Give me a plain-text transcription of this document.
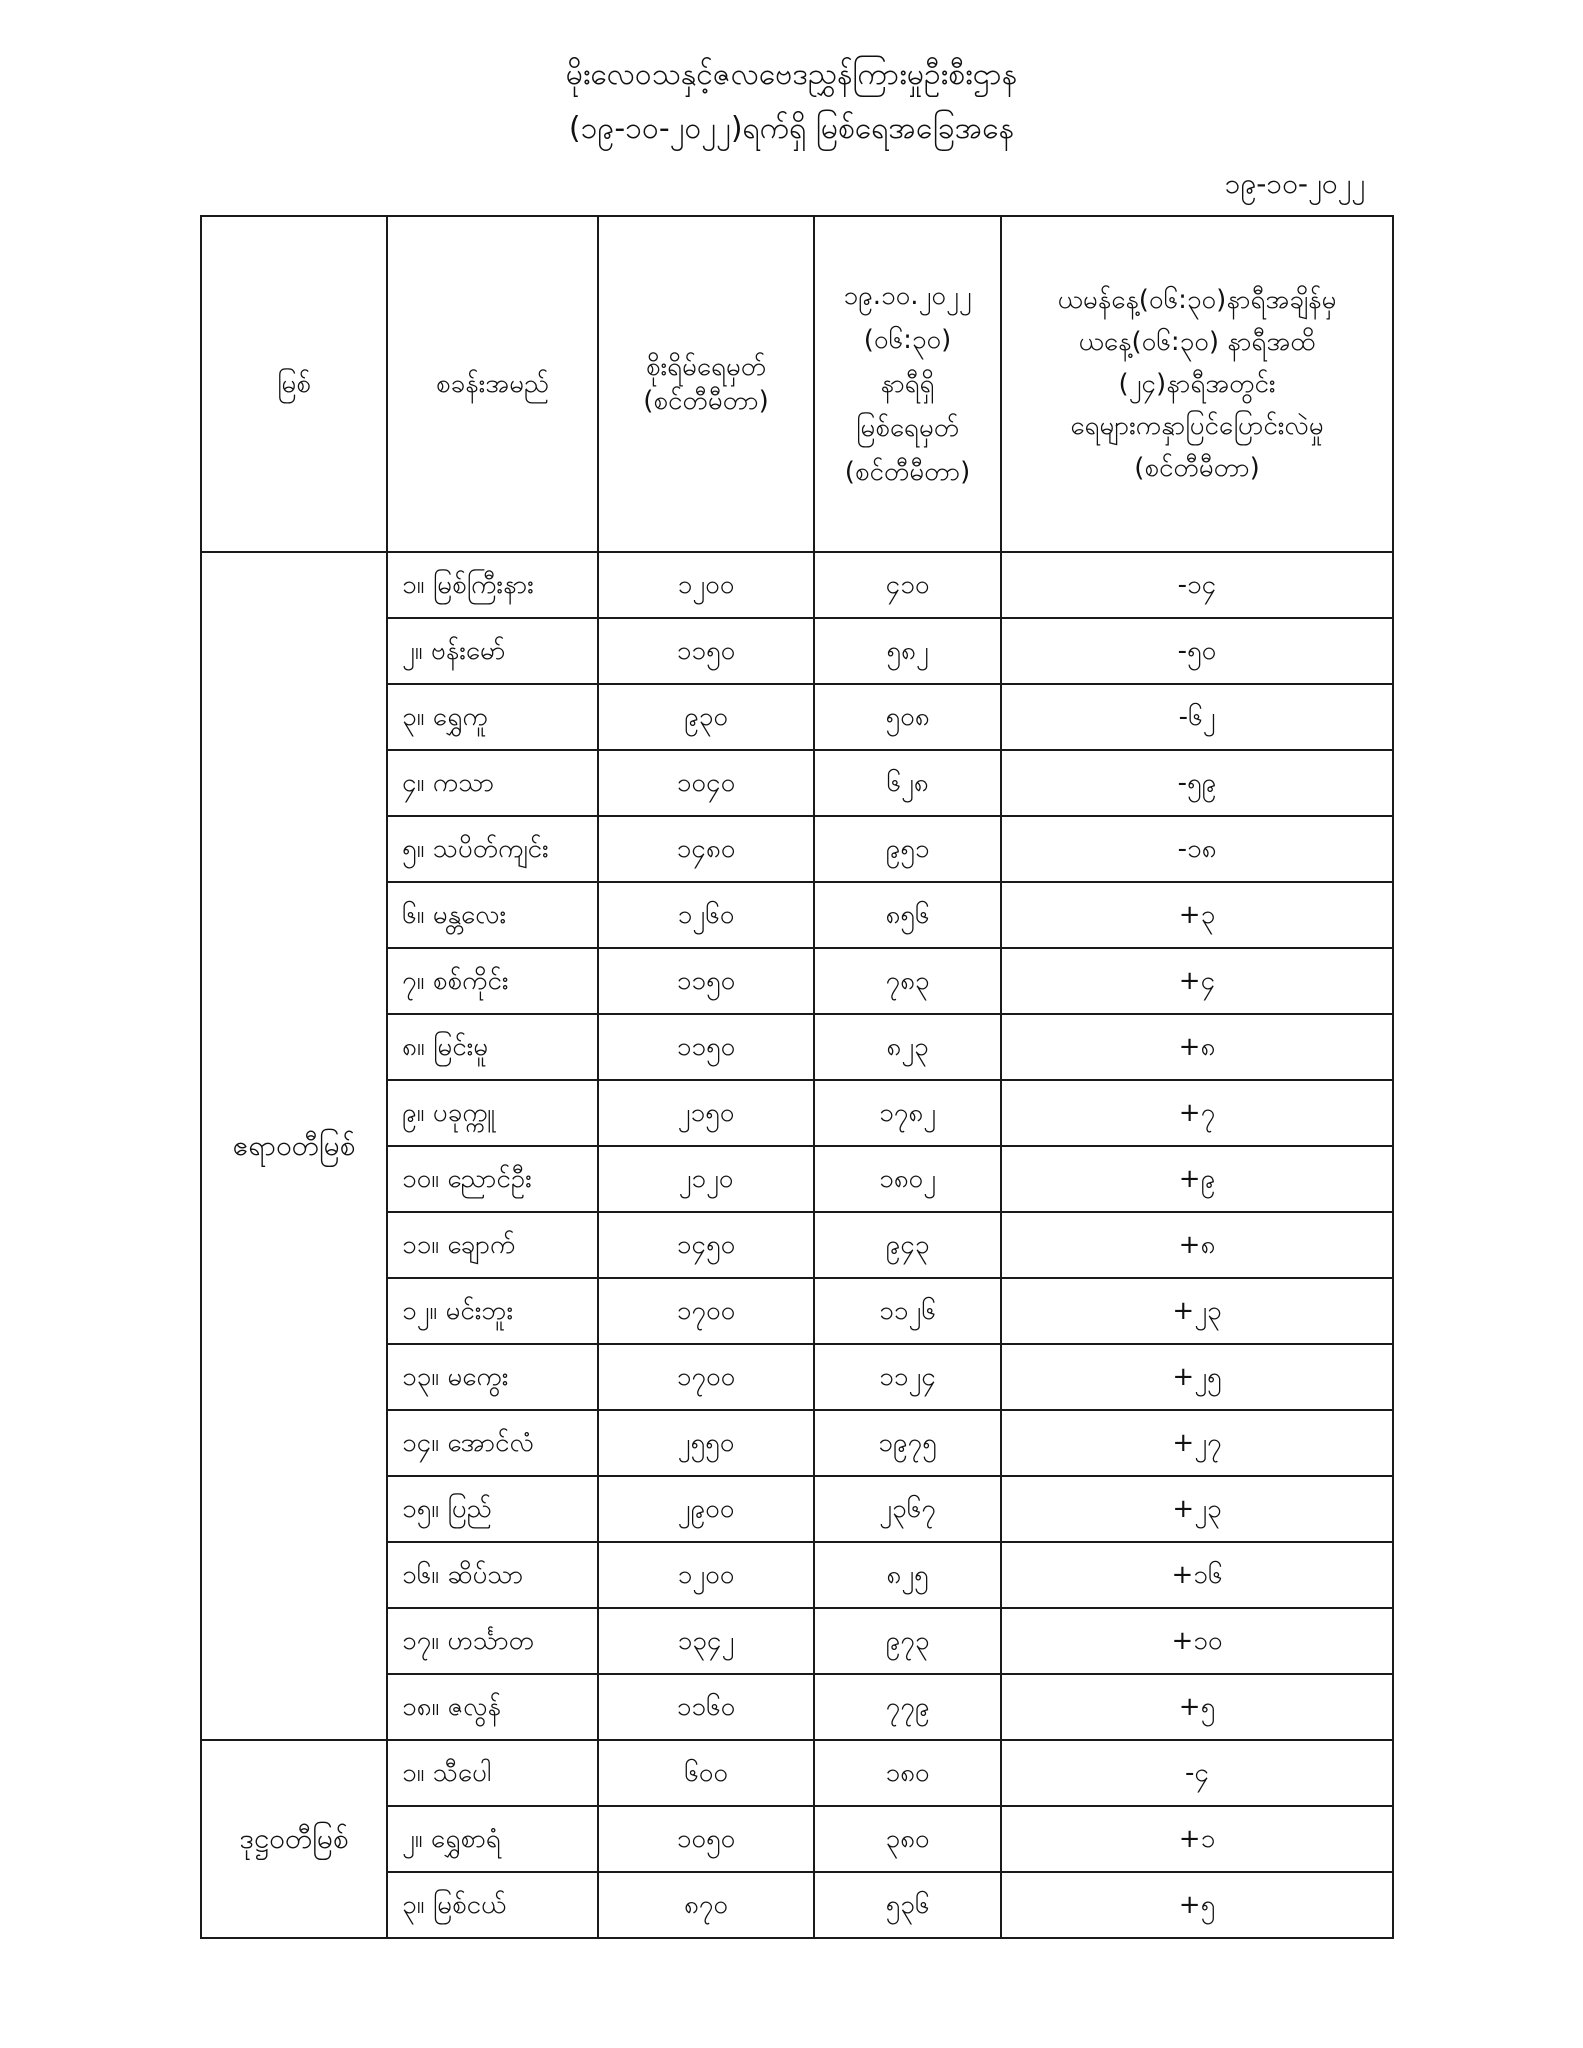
မိုးလေဝသနှင့်ဇလဗေဒညွှန်ကြားမှုဦးစီးဌာန
(၁၉-၁၀-၂၀၂၂)ရက်ရှိ မြစ်ရေအခြေအနေ
၁၉-၁၀-၂၀၂၂
မြစ်	စခန်းအမည်	စိုးရိမ်ရေမှတ်
(စင်တီမီတာ)	၁၉.၁၀.၂၀၂၂
(၀၆:၃၀)
နာရီရှိ
မြစ်ရေမှတ်
(စင်တီမီတာ)	ယမန်နေ့(၀၆:၃၀)နာရီအချိန်မှ
ယနေ့(၀၆:၃၀) နာရီအထိ
(၂၄)နာရီအတွင်း
ရေများကနှာပြင်ပြောင်းလဲမှု
(စင်တီမီတာ)

ဧရာဝတီမြစ်	၁။ မြစ်ကြီးနား	၁၂၀၀	၄၁၀	-၁၄
	၂။ ဗန်းမော်	၁၁၅၀	၅၈၂	-၅၀
	၃။ ရွှေကူ	၉၃၀	၅၀၈	-၆၂
	၄။ ကသာ	၁၀၄၀	၆၂၈	-၅၉
	၅။ သပိတ်ကျင်း	၁၄၈၀	၉၅၁	-၁၈
	၆။ မန္တလေး	၁၂၆၀	၈၅၆	+၃
	၇။ စစ်ကိုင်း	၁၁၅၀	၇၈၃	+၄
	၈။ မြင်းမူ	၁၁၅၀	၈၂၃	+၈
	၉။ ပခုက္ကူ	၂၁၅၀	၁၇၈၂	+၇
	၁၀။ ညောင်ဦး	၂၁၂၀	၁၈၀၂	+၉
	၁၁။ ချောက်	၁၄၅၀	၉၄၃	+၈
	၁၂။ မင်းဘူး	၁၇၀၀	၁၁၂၆	+၂၃
	၁၃။ မကွေး	၁၇၀၀	၁၁၂၄	+၂၅
	၁၄။ အောင်လံ	၂၅၅၀	၁၉၇၅	+၂၇
	၁၅။ ပြည်	၂၉၀၀	၂၃၆၇	+၂၃
	၁၆။ ဆိပ်သာ	၁၂၀၀	၈၂၅	+၁၆
	၁၇။ ဟင်္သာတ	၁၃၄၂	၉၇၃	+၁၀
	၁၈။ ဇလွန်	၁၁၆၀	၇၇၉	+၅
ဒုဋ္ဌဝတီမြစ်	၁။ သီပေါ	၆၀၀	၁၈၀	-၄
	၂။ ရွှေစာရံ	၁၀၅၀	၃၈၀	+၁
	၃။ မြစ်ငယ်	၈၇၀	၅၃၆	+၅
